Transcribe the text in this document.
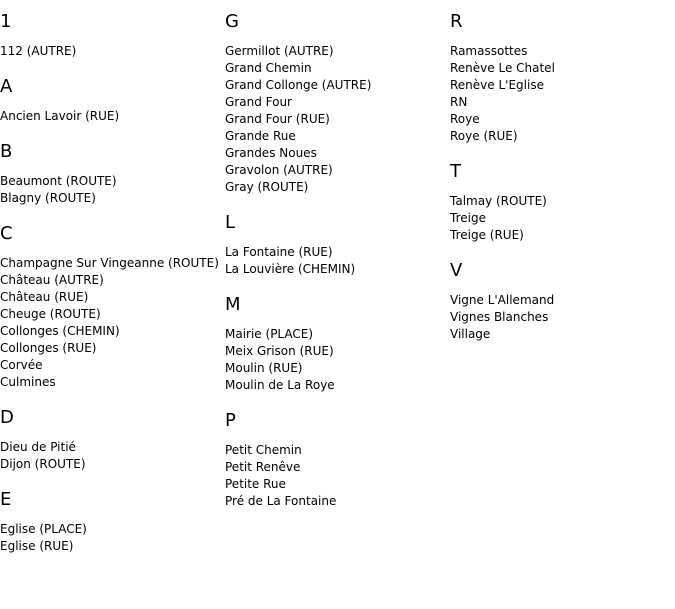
1
112 (AUTRE)
A
Ancien Lavoir (RUE)
B
Beaumont (ROUTE)
Blagny (ROUTE)
C
Champagne Sur Vingeanne (ROUTE)
Château (AUTRE)
Château (RUE)
Cheuge (ROUTE)
Collonges (CHEMIN)
Collonges (RUE)
Corvée
Culmines
D
Dieu de Pitié
Dijon (ROUTE)
E
Eglise (PLACE)
Eglise (RUE)
G
Germillot (AUTRE)
Grand Chemin
Grand Collonge (AUTRE)
Grand Four
Grand Four (RUE)
Grande Rue
Grandes Noues
Gravolon (AUTRE)
Gray (ROUTE)
L
La Fontaine (RUE)
La Louvière (CHEMIN)
M
Mairie (PLACE)
Meix Grison (RUE)
Moulin (RUE)
Moulin de La Roye
P
Petit Chemin
Petit Renêve
Petite Rue
Pré de La Fontaine
R
Ramassottes
Renève Le Chatel
Renève L'Eglise
RN
Roye
Roye (RUE)
T
Talmay (ROUTE)
Treige
Treige (RUE)
V
Vigne L'Allemand
Vignes Blanches
Village
